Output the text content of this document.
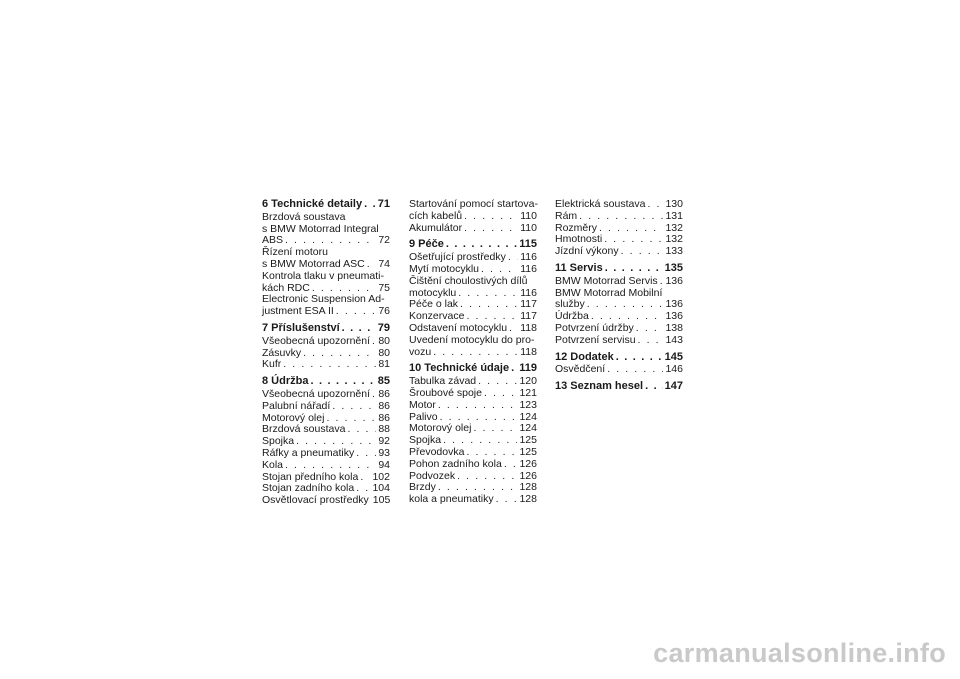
6 Technické detaily . . . 71
Brzdová soustava
s BMW Motorrad Integral
ABS . . .	72
Řízení motoru
s BMW Motorrad ASC . . . 74
Kontrola tlaku v pneumati-
kách RDC . . .	75
Electronic Suspension Ad-
justment ESA II . . .	76
7 Příslušenství . . .	79
Všeobecná upozornění . . . 80
Zásuvky . . .	80
Kufr . . .	81
8 Údržba . . .	85
Všeobecná upozornění . . . 86
Palubní nářadí . . .	86
Motorový olej . . .	86
Brzdová soustava . . .	88
Spojka . . .	92
Ráfky a pneumatiky . . . 93
Kola . . .	94
Stojan předního kola . . . 102
Stojan zadního kola . . . 104
Osvětlovací prostředky 105
Startování pomocí startova-
cích kabelů . . .	110
Akumulátor . . .	110
9 Péče . . .	115
Ošetřující prostředky . . . 116
Mytí motocyklu . . .	116
Čištění choulostivých dílů
motocyklu . . .	116
Péče o lak . . .	117
Konzervace . . .	117
Odstavení motocyklu . . . 118
Uvedení motocyklu do pro-
vozu . . .	118
10 Technické údaje . . . 119
Tabulka závad . . .	120
Šroubové spoje . . .	121
Motor . . .	123
Palivo . . .	124
Motorový olej . . .	124
Spojka . . .	125
Převodovka . . .	125
Pohon zadního kola . . . 126
Podvozek . . .	126
Brzdy . . .	128
kola a pneumatiky . . . 128
Elektrická soustava . . . 130
Rám . . .	131
Rozměry . . .	132
Hmotnosti . . .	132
Jízdní výkony . . .	133
11 Servis . . .	135
BMW Motorrad Servis . . . 136
BMW Motorrad Mobilní
služby . . .	136
Údržba . . .	136
Potvrzení údržby . . .	138
Potvrzení servisu . . .	143
12 Dodatek . . .	145
Osvědčení . . .	146
13 Seznam hesel . . . 147
carmanualsonline.info
